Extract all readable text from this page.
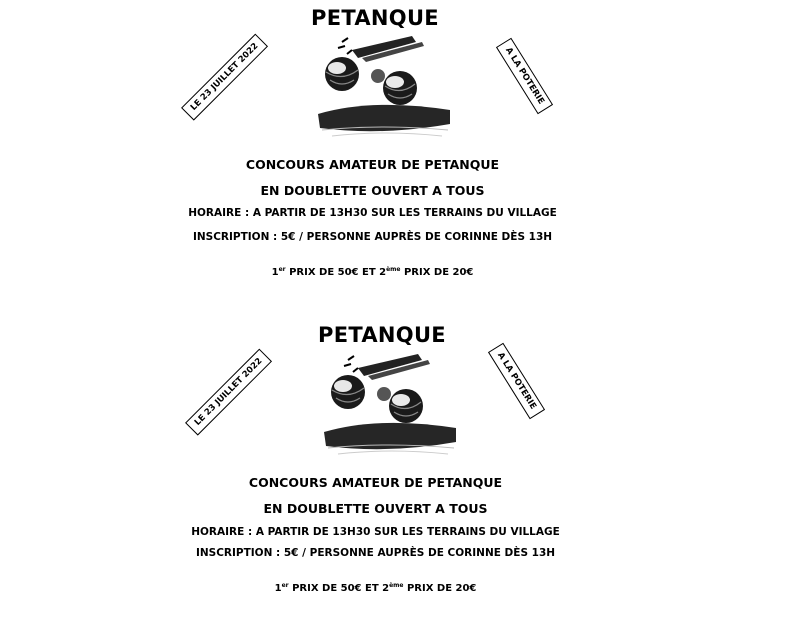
PETANQUE
LE 23 JUILLET 2022	A LA POTERIE
CONCOURS AMATEUR DE PETANQUE
EN DOUBLETTE OUVERT A TOUS
HORAIRE : A PARTIR DE 13H30 SUR LES TERRAINS DU VILLAGE
INSCRIPTION : 5€ / PERSONNE AUPRÈS DE CORINNE DÈS 13H
1er PRIX DE 50€ ET 2ème PRIX DE 20€
PETANQUE
LE 23 JUILLET 2022	A LA POTERIE
CONCOURS AMATEUR DE PETANQUE
EN DOUBLETTE OUVERT A TOUS
HORAIRE : A PARTIR DE 13H30 SUR LES TERRAINS DU VILLAGE
INSCRIPTION : 5€ / PERSONNE AUPRÈS DE CORINNE DÈS 13H
1er PRIX DE 50€ ET 2ème PRIX DE 20€
